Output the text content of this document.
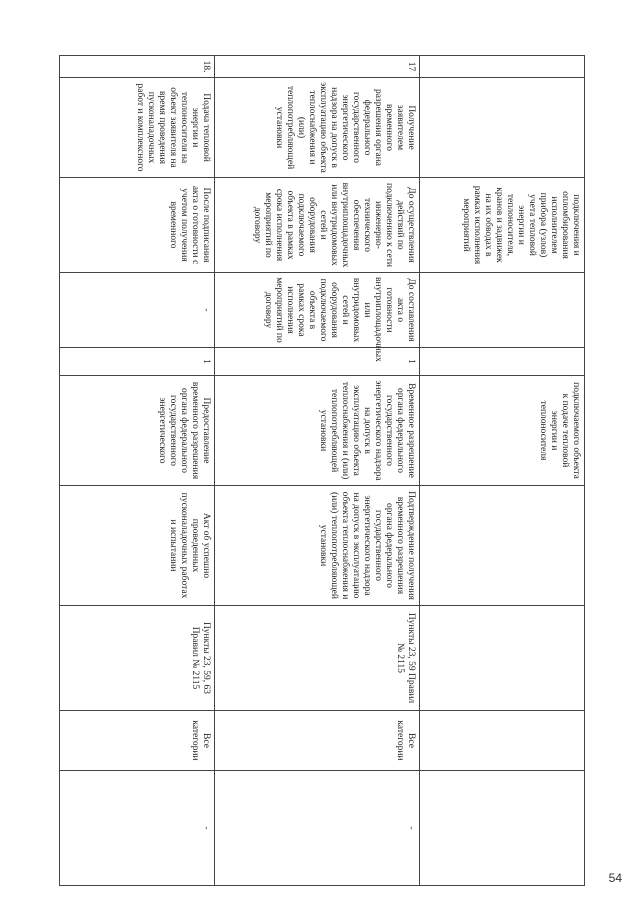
		подключения и опломбирования исполнителем прибора (узлов) учета тепловой энергии и теплоносителя, кранов и задвижек на их обводах в рамках исполнения мероприятий			подключаемого объекта к подаче тепловой энергии и теплоносителя				
17	Получение заявителем временного разрешения органа федерального государственного энергетического надзора на допуск в эксплуатацию объекта теплоснабжения и (или) теплопотребляющей установки	До осуществления действий по подключению к сети инженерно-технического обеспечения внутриплощадочных или внутридомовых сетей и оборудования подключаемого объекта в рамках срока исполнения мероприятий по договору	До составления акта о готовности внутриплощадочных или внутридомовых сетей и оборудования подключаемого объекта в рамках срока исполнения мероприятий по договору	1	Временное разрешение органа федерального государственного энергетического надзора на допуск в эксплуатацию объекта теплоснабжения и (или) теплопотребляющей установки	Подтверждение получения временного разрешения органа федерального государственного энергетического надзора на допуск в эксплуатацию объекта теплоснабжения и (или) теплопотребляющей установки	Пункты 23, 59 Правил № 2115	Все категории	-
18.	Подача тепловой энергии и теплоносителя на объект заявителя на время проведения пусконаладочных работ и комплексного	После подписания акта о готовности с учетом получения временного	-	1	Предоставление временного разрешения органа федерального государственного энергетического	Акт об успешно проведенных пусконаладочных работах и испытании	Пункты 23, 59, 63 Правил № 2115	Все категории	-
54
